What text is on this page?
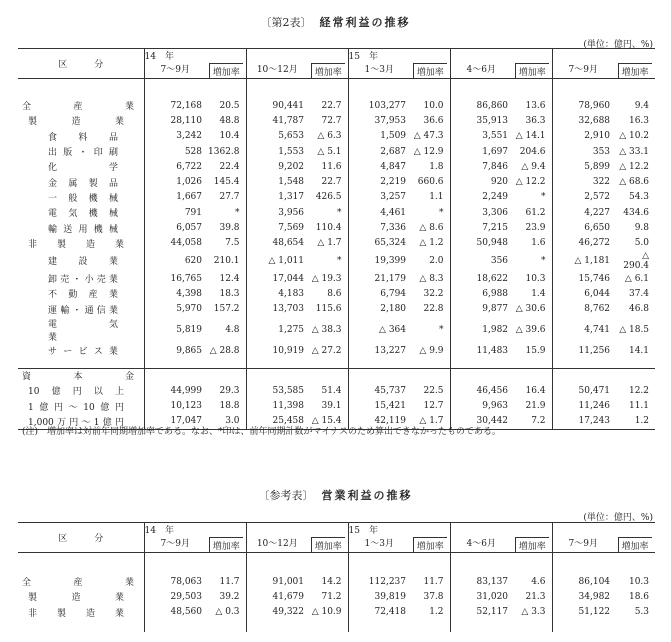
〔第2表〕 経常利益の推移
(単位：億円、%)
区　　　分	14　年				15　年					
	7〜9月	増加率	10〜12月	増加率	1〜3月	増加率	4〜6月	増加率	7〜9月	増加率

全　　　産　　　業	72,168	20.5	90,441	22.7	103,277	10.0	86,860	13.6	78,960	9.4
製　　造　　業	28,110	48.8	41,787	72.7	37,953	36.6	35,913	36.3	32,688	16.3
食　　料　　品	3,242	10.4	5,653	△ 6.3	1,509	△ 47.3	3,551	△ 14.1	2,910	△ 10.2
出版・印刷	528	1362.8	1,553	△ 5.1	2,687	△ 12.9	1,697	204.6	353	△ 33.1
化　　　　　学	6,722	22.4	9,202	11.6	4,847	1.8	7,846	△ 9.4	5,899	△ 12.2
金属製品	1,026	145.4	1,548	22.7	2,219	660.6	920	△ 12.2	322	△ 68.6
一般機械	1,667	27.7	1,317	426.5	3,257	1.1	2,249	*	2,572	54.3
電気機械	791	*	3,956	*	4,461	*	3,306	61.2	4,227	434.6
輸送用機械	6,057	39.8	7,569	110.4	7,336	△ 8.6	7,215	23.9	6,650	9.8
非　製　造　業	44,058	7.5	48,654	△ 1.7	65,324	△ 1.2	50,948	1.6	46,272	5.0
建　　設　　業	620	210.1	△ 1,011	*	19,399	2.0	356	*	△ 1,181	△ 290.4
卸売・小売業	16,765	12.4	17,044	△ 19.3	21,179	△ 8.3	18,622	10.3	15,746	△ 6.1
不動産業	4,398	18.3	4,183	8.6	6,794	32.2	6,988	1.4	6,044	37.4
運輸・通信業	5,970	157.2	13,703	115.6	2,180	22.8	9,877	△ 30.6	8,762	46.8
電　　　　気　　　　業	5,819	4.8	1,275	△ 38.3	△ 364	*	1,982	△ 39.6	4,741	△ 18.5
サービス業	9,865	△ 28.8	10,919	△ 27.2	13,227	△ 9.9	11,483	15.9	11,256	14.1

資　　　本　　　金										
10億円以上	44,999	29.3	53,585	51.4	45,737	22.5	46,456	16.4	50,471	12.2
1億円〜10億円	10,123	18.8	11,398	39.1	15,421	12.7	9,963	21.9	11,246	11.1
1,000万円〜1億円	17,047	3.0	25,458	△ 15.4	42,119	△ 1.7	30,442	7.2	17,243	1.2
(注)　増加率は対前年同期増加率である。なお、*印は、前年同期計数がマイナスのため算出できなかったものである。
〔参考表〕 営業利益の推移
(単位：億円、%)
区　　　分	14　年				15　年					
	7〜9月	増加率	10〜12月	増加率	1〜3月	増加率	4〜6月	増加率	7〜9月	増加率

全　　　産　　　業	78,063	11.7	91,001	14.2	112,237	11.7	83,137	4.6	86,104	10.3
製　　造　　業	29,503	39.2	41,679	71.2	39,819	37.8	31,020	21.3	34,982	18.6
非　製　造　業	48,560	△ 0.3	49,322	△ 10.9	72,418	1.2	52,117	△ 3.3	51,122	5.3
